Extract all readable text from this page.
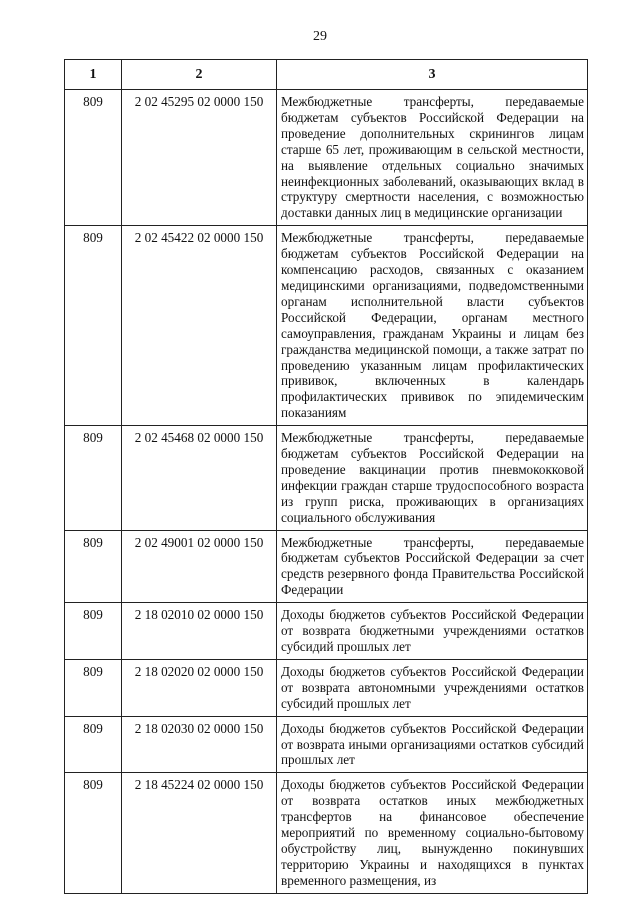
29
1	2	3
809	2 02 45295 02 0000 150	Межбюджетные трансферты, передаваемые бюджетам субъектов Российской Федерации на проведение дополнительных скринингов лицам старше 65 лет, проживающим в сельской местности, на выявление отдельных социально значимых неинфекционных заболеваний, оказывающих вклад в структуру смертности населения, с возможностью доставки данных лиц в медицинские организации
809	2 02 45422 02 0000 150	Межбюджетные трансферты, передаваемые бюджетам субъектов Российской Федерации на компенсацию расходов, связанных с оказанием медицинскими организациями, подведомственными органам исполнительной власти субъектов Российской Федерации, органам местного самоуправления, гражданам Украины и лицам без гражданства медицинской помощи, а также затрат по проведению указанным лицам профилактических прививок, включенных в календарь профилактических прививок по эпидемическим показаниям
809	2 02 45468 02 0000 150	Межбюджетные трансферты, передаваемые бюджетам субъектов Российской Федерации на проведение вакцинации против пневмококковой инфекции граждан старше трудоспособного возраста из групп риска, проживающих в организациях социального обслуживания
809	2 02 49001 02 0000 150	Межбюджетные трансферты, передаваемые бюджетам субъектов Российской Федерации за счет средств резервного фонда Правительства Российской Федерации
809	2 18 02010 02 0000 150	Доходы бюджетов субъектов Российской Федерации от возврата бюджетными учреждениями остатков субсидий прошлых лет
809	2 18 02020 02 0000 150	Доходы бюджетов субъектов Российской Федерации от возврата автономными учреждениями остатков субсидий прошлых лет
809	2 18 02030 02 0000 150	Доходы бюджетов субъектов Российской Федерации от возврата иными организациями остатков субсидий прошлых лет
809	2 18 45224 02 0000 150	Доходы бюджетов субъектов Российской Федерации от возврата остатков иных межбюджетных трансфертов на финансовое обеспечение мероприятий по временному социально-бытовому обустройству лиц, вынужденно покинувших территорию Украины и находящихся в пунктах временного размещения, из
